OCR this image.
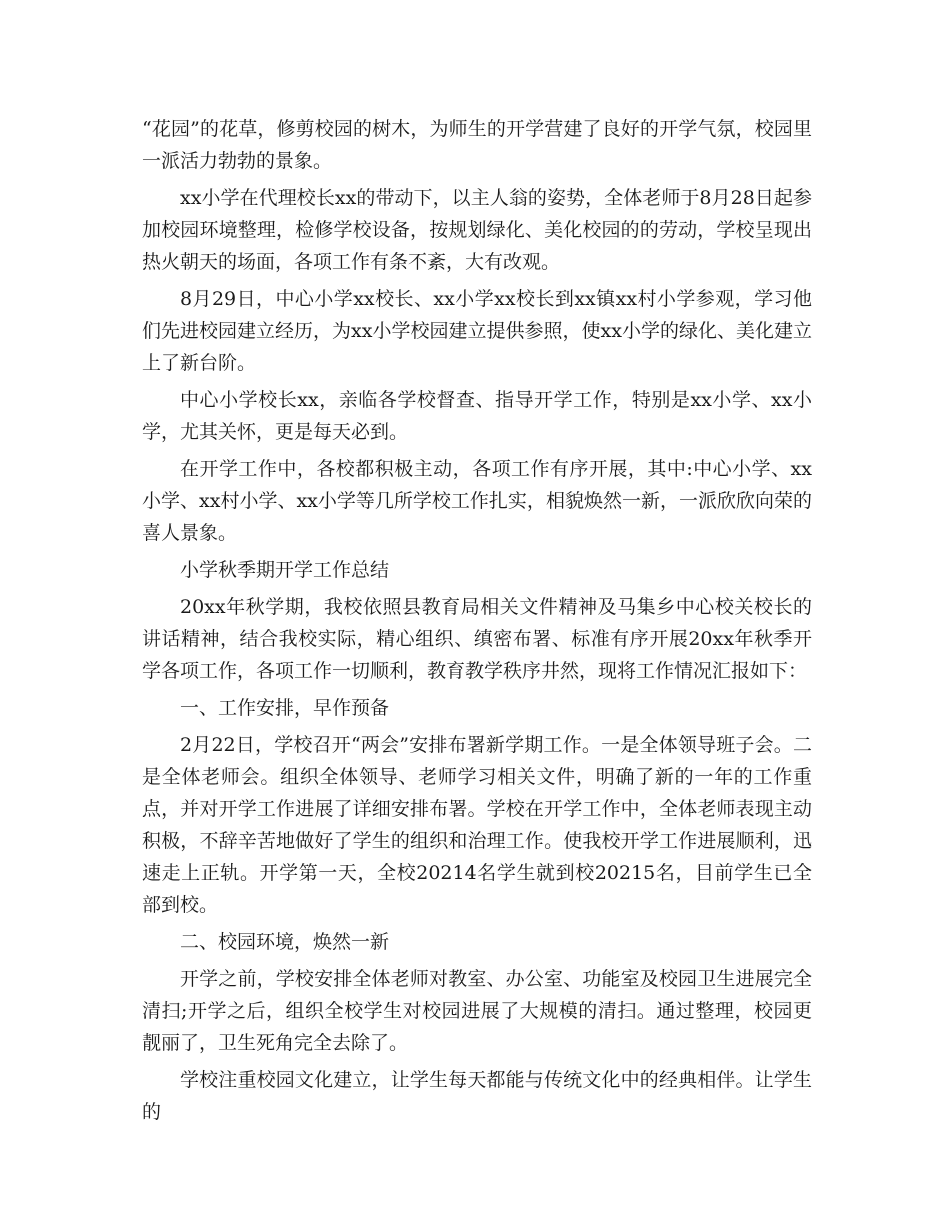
“花园”的花草，修剪校园的树木，为师生的开学营建了良好的开学气氛，校园里一派活力勃勃的景象。

xx小学在代理校长xx的带动下，以主人翁的姿势，全体老师于8月28日起参加校园环境整理，检修学校设备，按规划绿化、美化校园的的劳动，学校呈现出热火朝天的场面，各项工作有条不紊，大有改观。

8月29日，中心小学xx校长、xx小学xx校长到xx镇xx村小学参观，学习他们先进校园建立经历，为xx小学校园建立提供参照，使xx小学的绿化、美化建立上了新台阶。

中心小学校长xx，亲临各学校督查、指导开学工作，特别是xx小学、xx小学，尤其关怀，更是每天必到。

在开学工作中，各校都积极主动，各项工作有序开展，其中:中心小学、xx小学、xx村小学、xx小学等几所学校工作扎实，相貌焕然一新，一派欣欣向荣的喜人景象。

小学秋季期开学工作总结

20xx年秋学期，我校依照县教育局相关文件精神及马集乡中心校关校长的讲话精神，结合我校实际，精心组织、缜密布署、标准有序开展20xx年秋季开学各项工作，各项工作一切顺利，教育教学秩序井然，现将工作情况汇报如下：

一、工作安排，早作预备

2月22日，学校召开“两会”安排布署新学期工作。一是全体领导班子会。二是全体老师会。组织全体领导、老师学习相关文件，明确了新的一年的工作重点，并对开学工作进展了详细安排布署。学校在开学工作中，全体老师表现主动积极，不辞辛苦地做好了学生的组织和治理工作。使我校开学工作进展顺利，迅速走上正轨。开学第一天，全校20214名学生就到校20215名，目前学生已全部到校。

二、校园环境，焕然一新

开学之前，学校安排全体老师对教室、办公室、功能室及校园卫生进展完全清扫;开学之后，组织全校学生对校园进展了大规模的清扫。通过整理，校园更靓丽了，卫生死角完全去除了。

学校注重校园文化建立，让学生每天都能与传统文化中的经典相伴。让学生的
